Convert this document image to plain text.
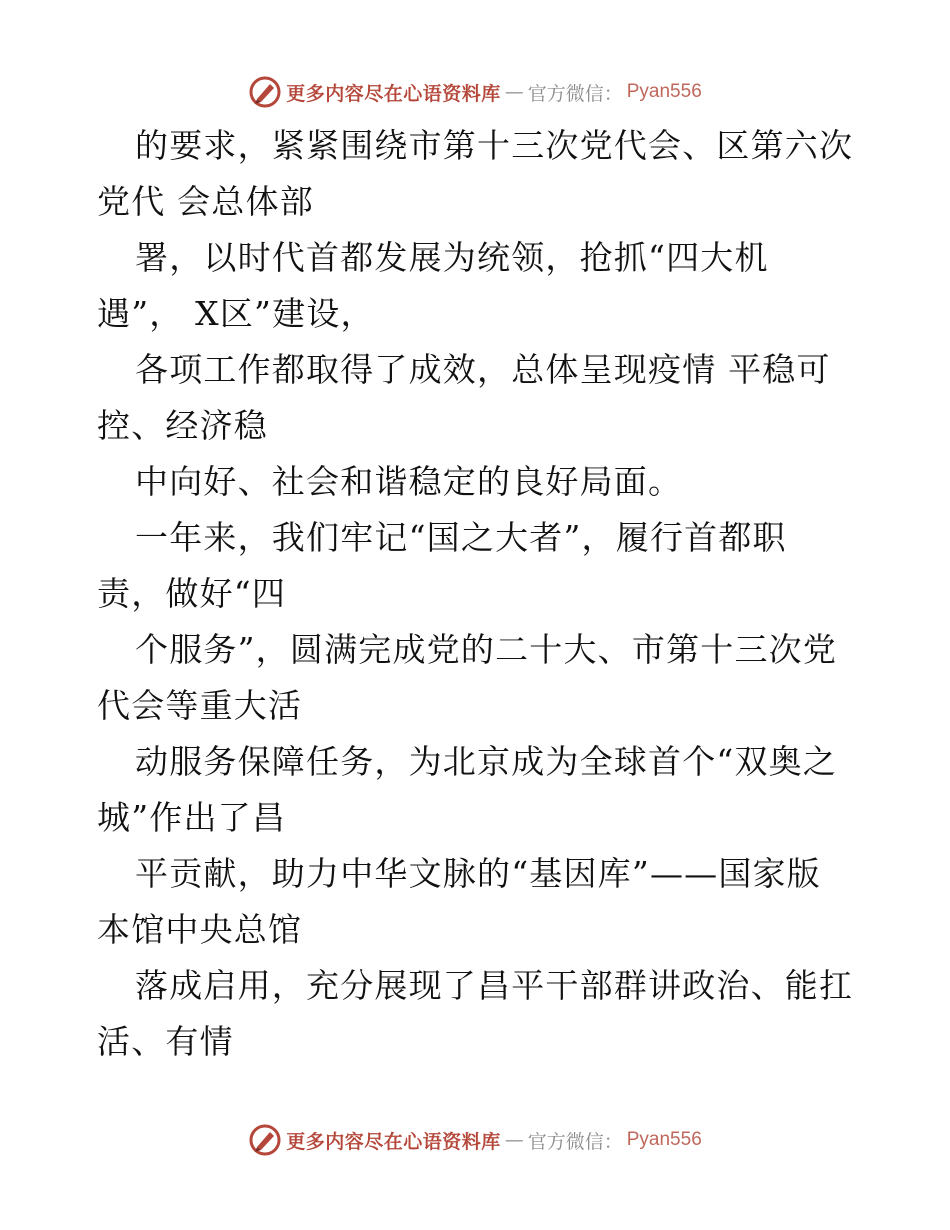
更多内容尽在心语资料库 — 官方微信： Pyan556
的要求，紧紧围绕市第十三次党代会、区第六次
党代 会总体部
署，以时代首都发展为统领，抢抓“四大机
遇”， X区”建设，
各项工作都取得了成效，总体呈现疫情 平稳可
控、经济稳
中向好、社会和谐稳定的良好局面。
一年来，我们牢记“国之大者”，履行首都职
责，做好“四
个服务”，圆满完成党的二十大、市第十三次党
代会等重大活
动服务保障任务，为北京成为全球首个“双奥之
城”作出了昌
平贡献，助力中华文脉的“基因库”——国家版
本馆中央总馆
落成启用，充分展现了昌平干部群讲政治、能扛
活、有情
更多内容尽在心语资料库 — 官方微信： Pyan556
